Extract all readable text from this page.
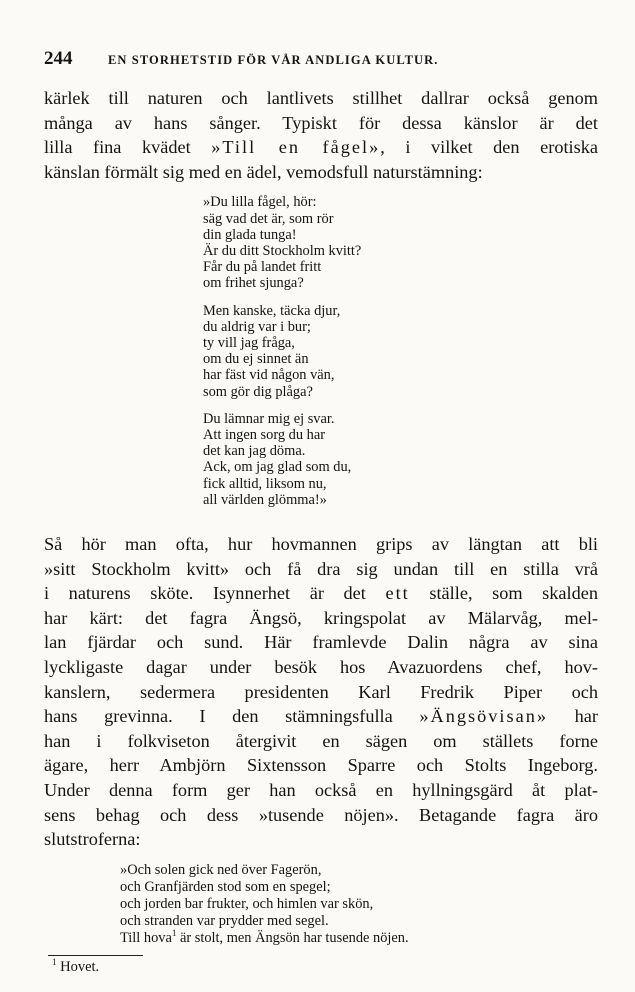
244	EN STORHETSTID FÖR VÅR ANDLIGA KULTUR.

kärlek till naturen och lantlivets stillhet dallrar också genom
många av hans sånger. Typiskt för dessa känslor är det
lilla fina kvädet »Till en fågel», i vilket den erotiska
känslan förmält sig med en ädel, vemodsfull naturstämning:

»Du lilla fågel, hör:
säg vad det är, som rör
din glada tunga!
Är du ditt Stockholm kvitt?
Får du på landet fritt
om frihet sjunga?
Men kanske, täcka djur,
du aldrig var i bur;
ty vill jag fråga,
om du ej sinnet än
har fäst vid någon vän,
som gör dig plåga?
Du lämnar mig ej svar.
Att ingen sorg du har
det kan jag döma.
Ack, om jag glad som du,
fick alltid, liksom nu,
all världen glömma!»

Så hör man ofta, hur hovmannen grips av längtan att bli
»sitt Stockholm kvitt» och få dra sig undan till en stilla vrå
i naturens sköte. Isynnerhet är det ett ställe, som skalden
har kärt: det fagra Ängsö, kringspolat av Mälarvåg, mel-
lan fjärdar och sund. Här framlevde Dalin några av sina
lyckligaste dagar under besök hos Avazuordens chef, hov-
kanslern, sedermera presidenten Karl Fredrik Piper och
hans grevinna. I den stämningsfulla »Ängsövisan» har
han i folkviseton återgivit en sägen om ställets forne
ägare, herr Ambjörn Sixtensson Sparre och Stolts Ingeborg.
Under denna form ger han också en hyllningsgärd åt plat-
sens behag och dess »tusende nöjen». Betagande fagra äro
slutstroferna:

»Och solen gick ned över Fagerön,
och Granfjärden stod som en spegel;
och jorden bar frukter, och himlen var skön,
och stranden var prydder med segel.
Till hova$^1$ är stolt, men Ängsön har tusende nöjen.
$^1$ Hovet.
